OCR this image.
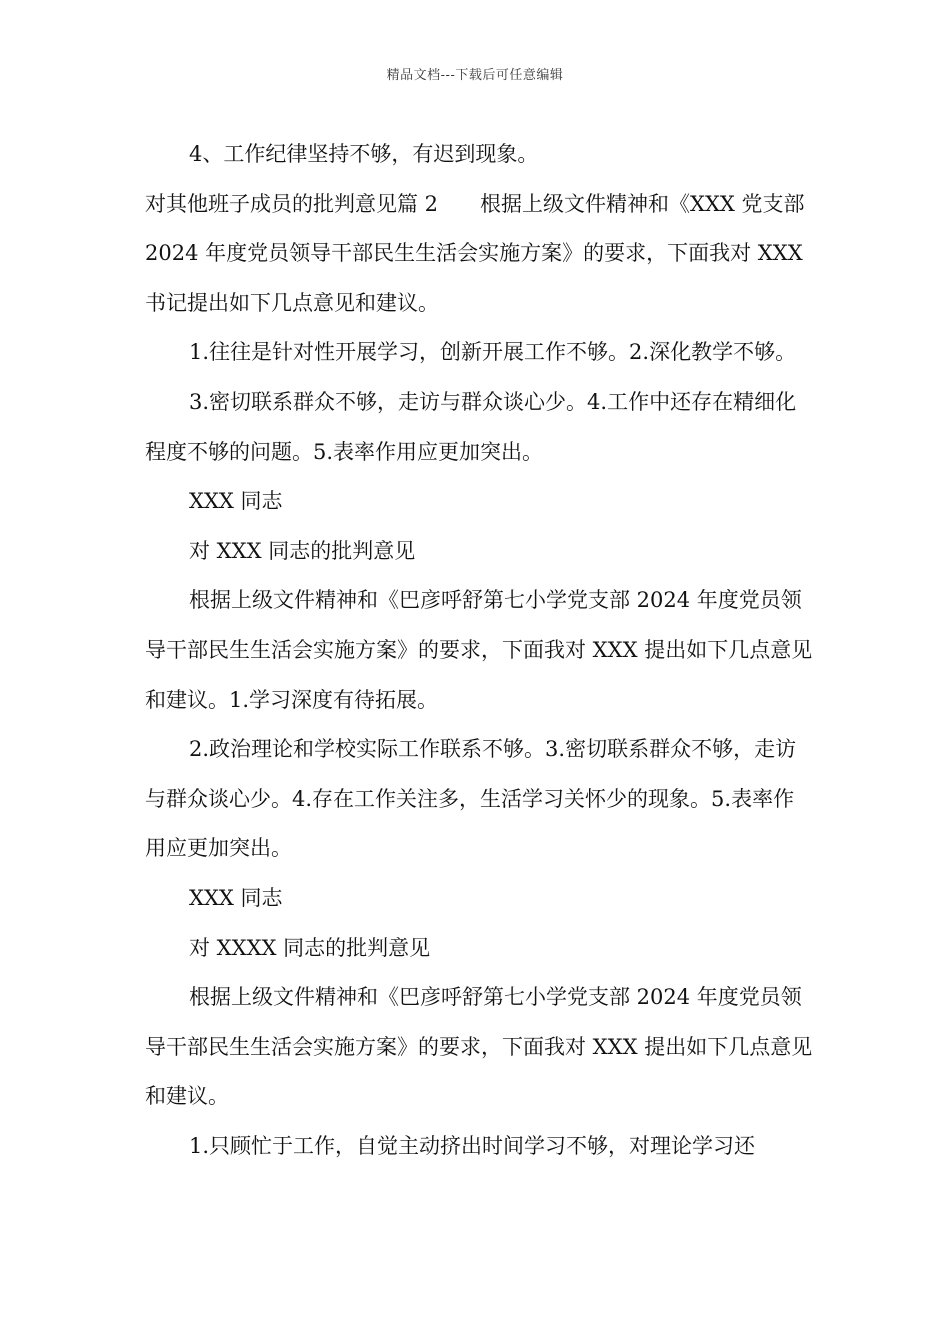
精品文档---下载后可任意编辑

4、工作纪律坚持不够，有迟到现象。

对其他班子成员的批判意见篇 2　　根据上级文件精神和《XXX 党支部 2024 年度党员领导干部民生生活会实施方案》的要求，下面我对 XXX 书记提出如下几点意见和建议。

1.往往是针对性开展学习，创新开展工作不够。2.深化教学不够。

3.密切联系群众不够，走访与群众谈心少。4.工作中还存在精细化程度不够的问题。5.表率作用应更加突出。

XXX 同志

对 XXX 同志的批判意见

根据上级文件精神和《巴彦呼舒第七小学党支部 2024 年度党员领导干部民生生活会实施方案》的要求，下面我对 XXX 提出如下几点意见和建议。1.学习深度有待拓展。

2.政治理论和学校实际工作联系不够。3.密切联系群众不够，走访与群众谈心少。4.存在工作关注多，生活学习关怀少的现象。5.表率作用应更加突出。

XXX 同志

对 XXXX 同志的批判意见

根据上级文件精神和《巴彦呼舒第七小学党支部 2024 年度党员领导干部民生生活会实施方案》的要求，下面我对 XXX 提出如下几点意见和建议。

1.只顾忙于工作，自觉主动挤出时间学习不够，对理论学习还
